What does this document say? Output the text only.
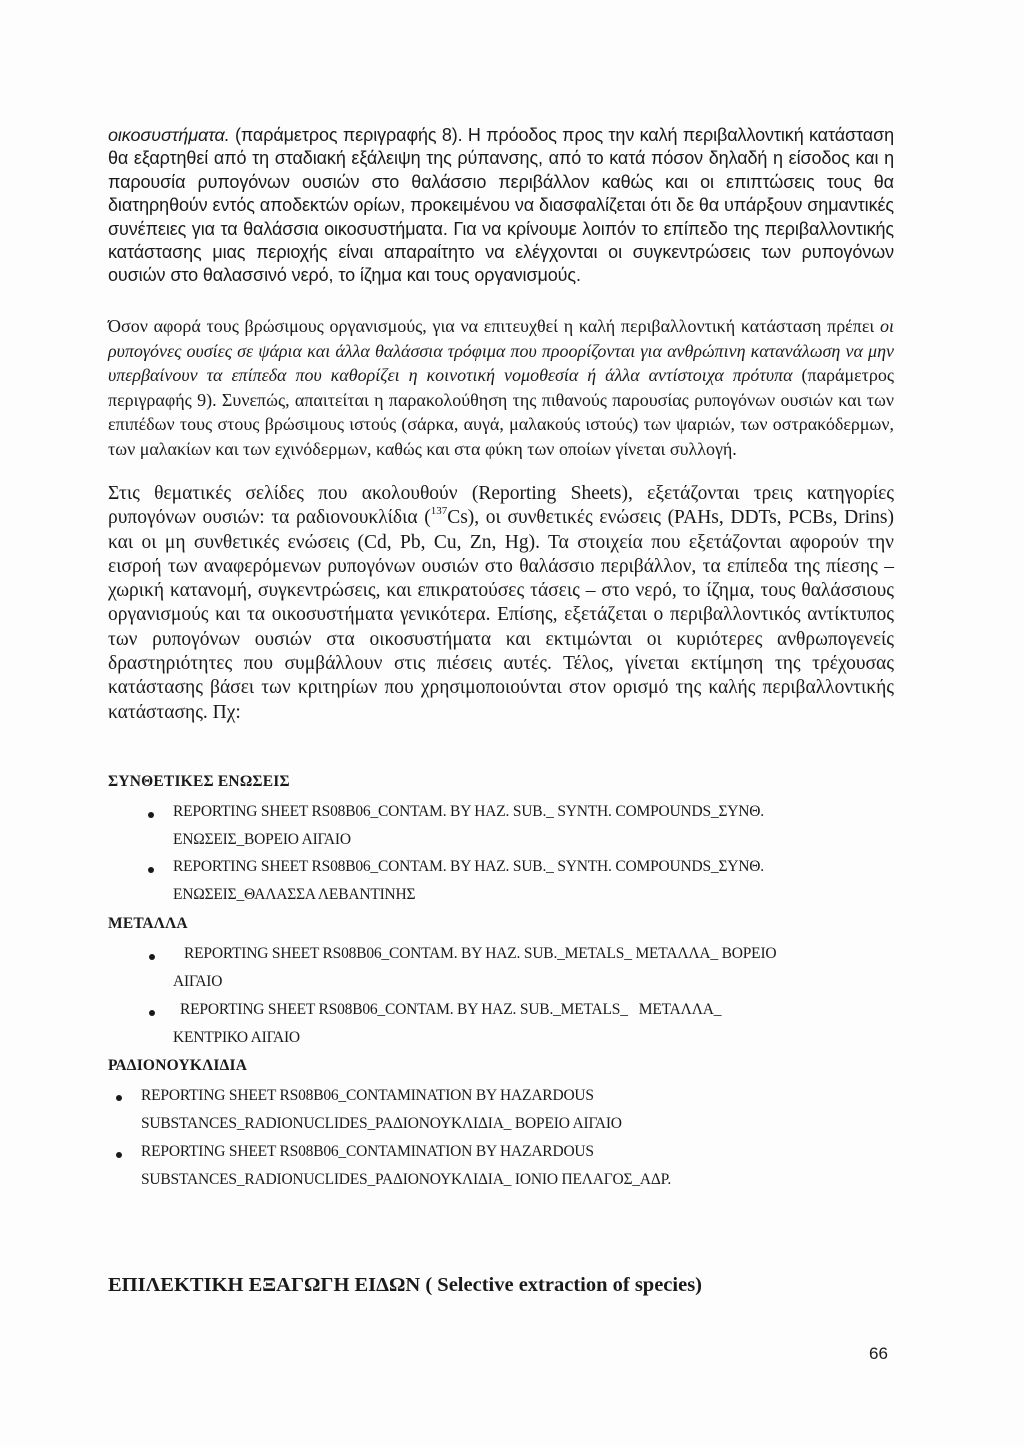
οικοσυστήματα. (παράμετρος περιγραφής 8). Η πρόοδος προς την καλή περιβαλλοντική κατάσταση θα εξαρτηθεί από τη σταδιακή εξάλειψη της ρύπανσης, από το κατά πόσον δηλαδή η είσοδος και η παρουσία ρυπογόνων ουσιών στο θαλάσσιο περιβάλλον καθώς και οι επιπτώσεις τους θα διατηρηθούν εντός αποδεκτών ορίων, προκειμένου να διασφαλίζεται ότι δε θα υπάρξουν σημαντικές συνέπειες για τα θαλάσσια οικοσυστήματα. Για να κρίνουμε λοιπόν το επίπεδο της περιβαλλοντικής κατάστασης μιας περιοχής είναι απαραίτητο να ελέγχονται οι συγκεντρώσεις των ρυπογόνων ουσιών στο θαλασσινό νερό, το ίζημα και τους οργανισμούς.

Όσον αφορά τους βρώσιμους οργανισμούς, για να επιτευχθεί η καλή περιβαλλοντική κατάσταση πρέπει οι ρυπογόνες ουσίες σε ψάρια και άλλα θαλάσσια τρόφιμα που προορίζονται για ανθρώπινη κατανάλωση να μην υπερβαίνουν τα επίπεδα που καθορίζει η κοινοτική νομοθεσία ή άλλα αντίστοιχα πρότυπα (παράμετρος περιγραφής 9). Συνεπώς, απαιτείται η παρακολούθηση της πιθανούς παρουσίας ρυπογόνων ουσιών και των επιπέδων τους στους βρώσιμους ιστούς (σάρκα, αυγά, μαλακούς ιστούς) των ψαριών, των οστρακόδερμων, των μαλακίων και των εχινόδερμων, καθώς και στα φύκη των οποίων γίνεται συλλογή.

Στις θεματικές σελίδες που ακολουθούν (Reporting Sheets), εξετάζονται τρεις κατηγορίες ρυπογόνων ουσιών: τα ραδιονουκλίδια ($^{137}$Cs), οι συνθετικές ενώσεις (PAHs, DDTs, PCBs, Drins) και οι μη συνθετικές ενώσεις (Cd, Pb, Cu, Zn, Hg). Τα στοιχεία που εξετάζονται αφορούν την εισροή των αναφερόμενων ρυπογόνων ουσιών στο θαλάσσιο περιβάλλον, τα επίπεδα της πίεσης – χωρική κατανομή, συγκεντρώσεις, και επικρατούσες τάσεις – στο νερό, το ίζημα, τους θαλάσσιους οργανισμούς και τα οικοσυστήματα γενικότερα. Επίσης, εξετάζεται ο περιβαλλοντικός αντίκτυπος των ρυπογόνων ουσιών στα οικοσυστήματα και εκτιμώνται οι κυριότερες ανθρωπογενείς δραστηριότητες που συμβάλλουν στις πιέσεις αυτές. Τέλος, γίνεται εκτίμηση της τρέχουσας κατάστασης βάσει των κριτηρίων που χρησιμοποιούνται στον ορισμό της καλής περιβαλλοντικής κατάστασης. Πχ:

ΣΥΝΘΕΤΙΚΕΣ ΕΝΩΣΕΙΣ
REPORTING SHEET RS08B06_CONTAM. BY HAZ. SUB._ SYNTH. COMPOUNDS_ΣΥΝΘ.
ΕΝΩΣΕΙΣ_ΒΟΡΕΙΟ ΑΙΓΑΙΟ
REPORTING SHEET RS08B06_CONTAM. BY HAZ. SUB._ SYNTH. COMPOUNDS_ΣΥΝΘ.
ΕΝΩΣΕΙΣ_ΘΑΛΑΣΣΑ ΛΕΒΑΝΤΙΝΗΣ
ΜΕΤΑΛΛΑ
REPORTING SHEET RS08B06_CONTAM. BY HAZ. SUB._METALS_ ΜΕΤΑΛΛΑ_ ΒΟΡΕΙΟ
ΑΙΓΑΙΟ
REPORTING SHEET RS08B06_CONTAM. BY HAZ. SUB._METALS_   ΜΕΤΑΛΛΑ_
ΚΕΝΤΡΙΚΟ ΑΙΓΑΙΟ
ΡΑΔΙΟΝΟΥΚΛΙΔΙΑ
REPORTING SHEET RS08B06_CONTAMINATION BY HAZARDOUS
SUBSTANCES_RADIONUCLIDES_ΡΑΔΙΟΝΟΥΚΛΙΔΙΑ_ ΒΟΡΕΙΟ ΑΙΓΑΙΟ
REPORTING SHEET RS08B06_CONTAMINATION BY HAZARDOUS
SUBSTANCES_RADIONUCLIDES_ΡΑΔΙΟΝΟΥΚΛΙΔΙΑ_ ΙΟΝΙΟ ΠΕΛΑΓΟΣ_ΑΔΡ.
ΕΠΙΛΕΚΤΙΚΗ ΕΞΑΓΩΓΗ ΕΙΔΩΝ ( Selective extraction of species)
66
